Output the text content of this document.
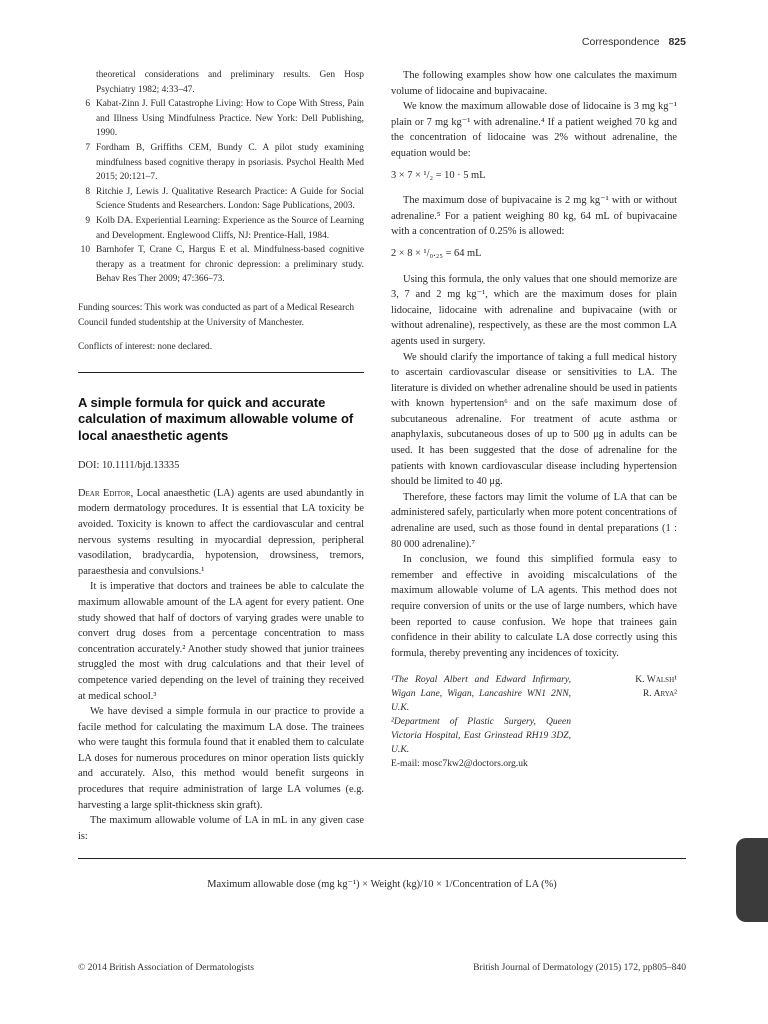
Correspondence 825
theoretical considerations and preliminary results. Gen Hosp Psychiatry 1982; 4:33–47.
6 Kabat-Zinn J. Full Catastrophe Living: How to Cope With Stress, Pain and Illness Using Mindfulness Practice. New York: Dell Publishing, 1990.
7 Fordham B, Griffiths CEM, Bundy C. A pilot study examining mindfulness based cognitive therapy in psoriasis. Psychol Health Med 2015; 20:121–7.
8 Ritchie J, Lewis J. Qualitative Research Practice: A Guide for Social Science Students and Researchers. London: Sage Publications, 2003.
9 Kolb DA. Experiential Learning: Experience as the Source of Learning and Development. Englewood Cliffs, NJ: Prentice-Hall, 1984.
10 Barnhofer T, Crane C, Hargus E et al. Mindfulness-based cognitive therapy as a treatment for chronic depression: a preliminary study. Behav Res Ther 2009; 47:366–73.
Funding sources: This work was conducted as part of a Medical Research Council funded studentship at the University of Manchester.
Conflicts of interest: none declared.
A simple formula for quick and accurate calculation of maximum allowable volume of local anaesthetic agents
DOI: 10.1111/bjd.13335

Dear Editor, Local anaesthetic (LA) agents are used abundantly in modern dermatology procedures. It is essential that LA toxicity be avoided. Toxicity is known to affect the cardiovascular and central nervous systems resulting in myocardial depression, peripheral vasodilation, bradycardia, hypotension, drowsiness, tremors, paraesthesia and convulsions.¹

It is imperative that doctors and trainees be able to calculate the maximum allowable amount of the LA agent for every patient. One study showed that half of doctors of varying grades were unable to convert drug doses from a percentage concentration to mass concentration accurately.² Another study showed that junior trainees struggled the most with drug calculations and that their level of competence varied depending on the level of training they received at medical school.³

We have devised a simple formula in our practice to provide a facile method for calculating the maximum LA dose. The trainees who were taught this formula found that it enabled them to calculate LA doses for numerous procedures on minor operation lists quickly and accurately. Also, this method would benefit surgeons in procedures that require administration of large LA volumes (e.g. harvesting a large split-thickness skin graft).

The maximum allowable volume of LA in mL in any given case is:

The following examples show how one calculates the maximum volume of lidocaine and bupivacaine.

We know the maximum allowable dose of lidocaine is 3 mg kg⁻¹ plain or 7 mg kg⁻¹ with adrenaline.⁴ If a patient weighed 70 kg and the concentration of lidocaine was 2% without adrenaline, the equation would be:

3 × 7 × ¹/₂ = 10 · 5 mL

The maximum dose of bupivacaine is 2 mg kg⁻¹ with or without adrenaline.⁵ For a patient weighing 80 kg, 64 mL of bupivacaine with a concentration of 0.25% is allowed:

2 × 8 × ¹/₀.₂₅ = 64 mL

Using this formula, the only values that one should memorize are 3, 7 and 2 mg kg⁻¹, which are the maximum doses for plain lidocaine, lidocaine with adrenaline and bupivacaine (with or without adrenaline), respectively, as these are the most common LA agents used in surgery.

We should clarify the importance of taking a full medical history to ascertain cardiovascular disease or sensitivities to LA. The literature is divided on whether adrenaline should be used in patients with known hypertension⁶ and on the safe maximum dose of subcutaneous adrenaline. For treatment of acute asthma or anaphylaxis, subcutaneous doses of up to 500 μg in adults can be used. It has been suggested that the dose of adrenaline for the patients with known cardiovascular disease including hypertension should be limited to 40 μg.

Therefore, these factors may limit the volume of LA that can be administered safely, particularly when more potent concentrations of adrenaline are used, such as those found in dental preparations (1 : 80 000 adrenaline).⁷

In conclusion, we found this simplified formula easy to remember and effective in avoiding miscalculations of the maximum allowable volume of LA agents. This method does not require conversion of units or the use of large numbers, which have been reported to cause confusion. We hope that trainees gain confidence in their ability to calculate LA dose correctly using this formula, thereby preventing any incidences of toxicity.

¹The Royal Albert and Edward Infirmary, Wigan Lane, Wigan, Lancashire WN1 2NN, U.K.
²Department of Plastic Surgery, Queen Victoria Hospital, East Grinstead RH19 3DZ, U.K.
E-mail: mosc7kw2@doctors.org.uk
K. Walsh¹
R. Arya²
Maximum allowable dose (mg kg⁻¹) × Weight (kg)/10 × 1/Concentration of LA (%)
© 2014 British Association of Dermatologists	British Journal of Dermatology (2015) 172, pp805–840
